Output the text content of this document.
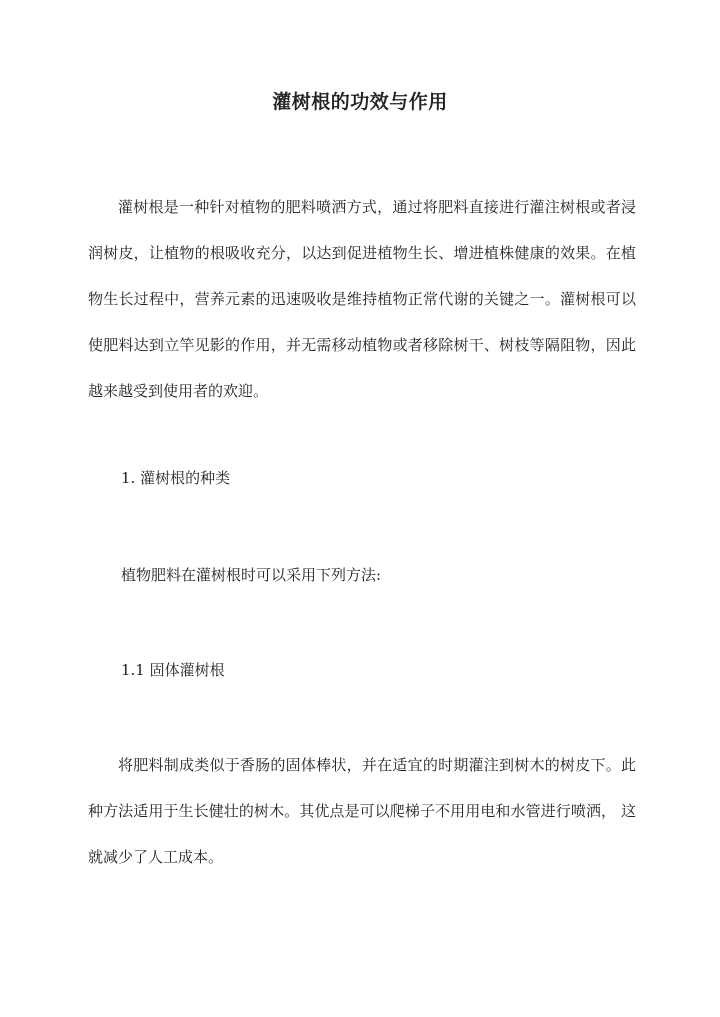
灌树根的功效与作用

灌树根是一种针对植物的肥料喷洒方式，通过将肥料直接进行灌注树根或者浸润树皮，让植物的根吸收充分，以达到促进植物生长、增进植株健康的效果。在植物生长过程中，营养元素的迅速吸收是维持植物正常代谢的关键之一。灌树根可以使肥料达到立竿见影的作用，并无需移动植物或者移除树干、树枝等隔阻物，因此越来越受到使用者的欢迎。

1. 灌树根的种类

植物肥料在灌树根时可以采用下列方法:

1.1 固体灌树根

将肥料制成类似于香肠的固体棒状，并在适宜的时期灌注到树木的树皮下。此种方法适用于生长健壮的树木。其优点是可以爬梯子不用用电和水管进行喷洒， 这就减少了人工成本。
